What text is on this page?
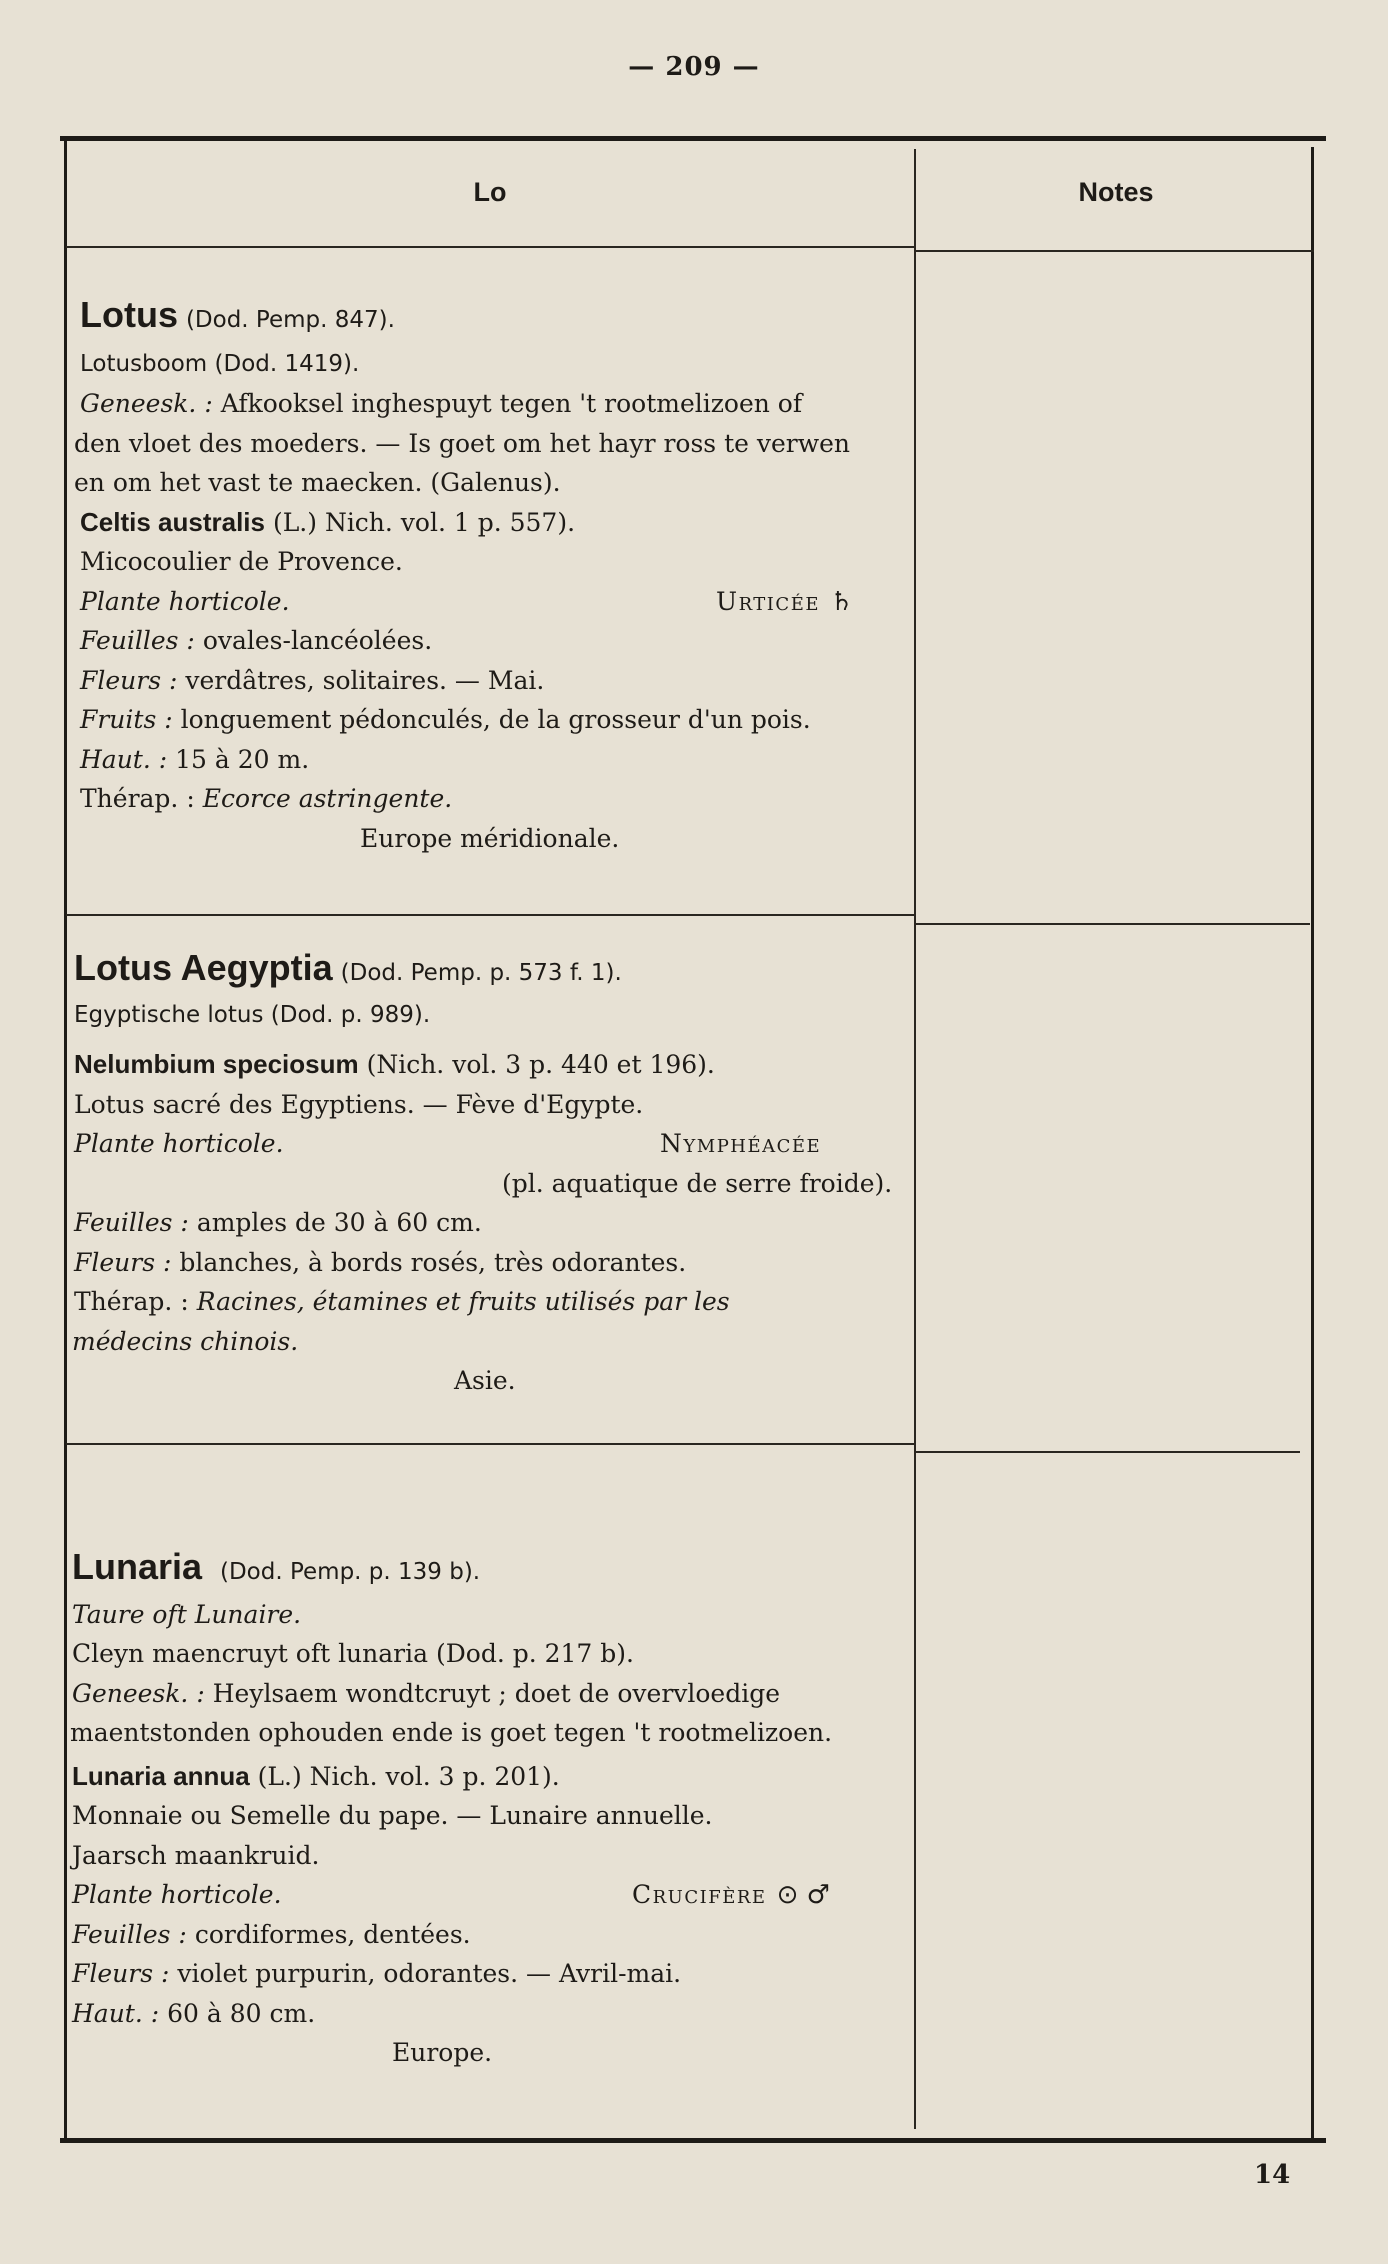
— 209 —
Lo	Notes
Lotus (Dod. Pemp. 847).
Lotusboom (Dod. 1419).
Geneesk. : Afkooksel inghespuyt tegen 't rootmelizoen of
den vloet des moeders. — Is goet om het hayr ross te verwen
en om het vast te maecken. (Galenus).
Celtis australis (L.) Nich. vol. 1 p. 557).
Micocoulier de Provence.
Plante horticole.	Urticée ♄
Feuilles : ovales-lancéolées.
Fleurs : verdâtres, solitaires. — Mai.
Fruits : longuement pédonculés, de la grosseur d'un pois.
Haut. : 15 à 20 m.
Thérap. : Ecorce astringente.
Europe méridionale.
Lotus Aegyptia (Dod. Pemp. p. 573 f. 1).
Egyptische lotus (Dod. p. 989).
Nelumbium speciosum (Nich. vol. 3 p. 440 et 196).
Lotus sacré des Egyptiens. — Fève d'Egypte.
Plante horticole.	Nymphéacée
(pl. aquatique de serre froide).
Feuilles : amples de 30 à 60 cm.
Fleurs : blanches, à bords rosés, très odorantes.
Thérap. : Racines, étamines et fruits utilisés par les
médecins chinois.
Asie.
Lunaria (Dod. Pemp. p. 139 b).
Taure oft Lunaire.
Cleyn maencruyt oft lunaria (Dod. p. 217 b).
Geneesk. : Heylsaem wondtcruyt ; doet de overvloedige
maentstonden ophouden ende is goet tegen 't rootmelizoen.
Lunaria annua (L.) Nich. vol. 3 p. 201).
Monnaie ou Semelle du pape. — Lunaire annuelle.
Jaarsch maankruid.
Plante horticole.	Crucifère ⊙ ♂
Feuilles : cordiformes, dentées.
Fleurs : violet purpurin, odorantes. — Avril-mai.
Haut. : 60 à 80 cm.
Europe.
14
